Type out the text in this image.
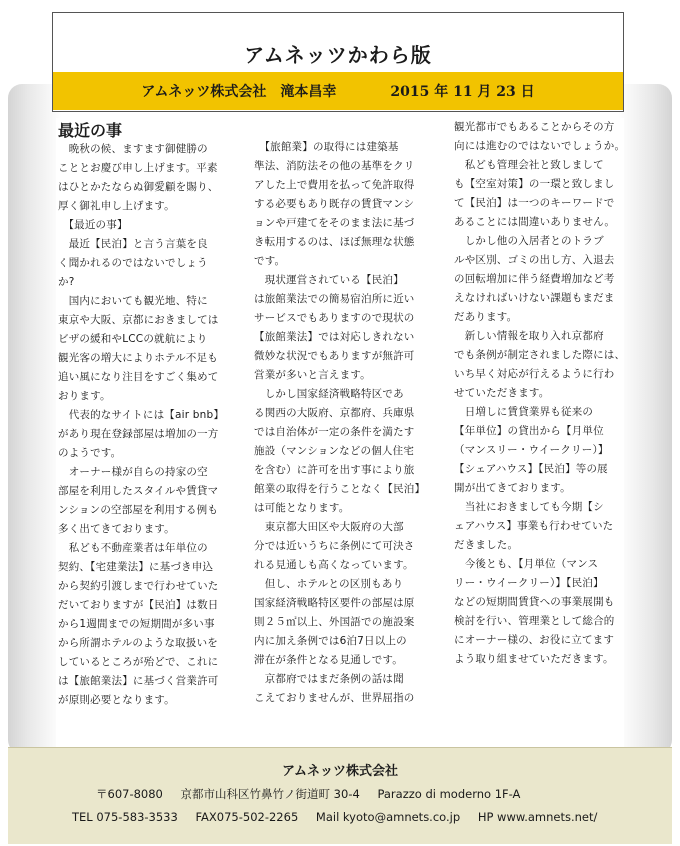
アムネッツかわら版
アムネッツ株式会社　滝本昌幸	2015 年 11 月 23 日
最近の事
　晩秋の候、ますます御健勝の
こととお慶び申し上げます。平素
はひとかたならぬ御愛顧を賜り、
厚く御礼申し上げます。
　【最近の事】
　最近【民泊】と言う言葉を良
く聞かれるのではないでしょう
か?
　国内においても観光地、特に
東京や大阪、京都におきましては
ビザの緩和やLCCの就航により
観光客の増大によりホテル不足も
追い風になり注目をすごく集めて
おります。
　代表的なサイトには【air bnb】
があり現在登録部屋は増加の一方
のようです。
　オーナー様が自らの持家の空
部屋を利用したスタイルや賃貸マ
ンションの空部屋を利用する例も
多く出てきております。
　私ども不動産業者は年単位の
契約、【宅建業法】に基づき申込
から契約引渡しまで行わせていた
だいておりますが【民泊】は数日
から1週間までの短期間が多い事
から所謂ホテルのような取扱いを
しているところが殆どで、これに
は【旅館業法】に基づく営業許可
が原則必要となります。
　【旅館業】の取得には建築基
準法、消防法その他の基準をクリ
アした上で費用を払って免許取得
する必要もあり既存の賃貸マンシ
ョンや戸建てをそのまま法に基づ
き転用するのは、ほぼ無理な状態
です。
　現状運営されている【民泊】
は旅館業法での簡易宿泊所に近い
サービスでもありますので現状の
【旅館業法】では対応しきれない
微妙な状況でもありますが無許可
営業が多いと言えます。
　しかし国家経済戦略特区であ
る関西の大阪府、京都府、兵庫県
では自治体が一定の条件を満たす
施設（マンションなどの個人住宅
を含む）に許可を出す事により旅
館業の取得を行うことなく【民泊】
は可能となります。
　東京都大田区や大阪府の大部
分では近いうちに条例にて可決さ
れる見通しも高くなっています。
　但し、ホテルとの区別もあり
国家経済戦略特区要件の部屋は原
則２５㎡以上、外国語での施設案
内に加え条例では6泊7日以上の
滞在が条件となる見通しです。
　京都府ではまだ条例の話は聞
こえておりませんが、世界屈指の
観光都市でもあることからその方
向には進むのではないでしょうか。
　私ども管理会社と致しまして
も【空室対策】の一環と致しまし
て【民泊】は一つのキーワードで
あることには間違いありません。
　しかし他の入居者とのトラブ
ルや区別、ゴミの出し方、入退去
の回転増加に伴う経費増加など考
えなければいけない課題もまだま
だあります。
　新しい情報を取り入れ京都府
でも条例が制定されました際には、
いち早く対応が行えるように行わ
せていただきます。
　日増しに賃貸業界も従来の
【年単位】の貸出から【月単位
（マンスリー・ウイークリー）】
【シェアハウス】【民泊】等の展
開が出てきております。
　当社におきましても今期【シ
ェアハウス】事業も行わせていた
だきました。
　今後とも、【月単位（マンス
リー・ウイークリー）】【民泊】
などの短期間賃貸への事業展開も
検討を行い、管理業として総合的
にオーナー様の、お役に立てます
よう取り組ませていただきます。
アムネッツ株式会社
〒607-8080 京都市山科区竹鼻竹ノ街道町 30-4 Parazzo di moderno 1F-A
TEL 075-583-3533 FAX075-502-2265 Mail kyoto@amnets.co.jp HP www.amnets.net/
